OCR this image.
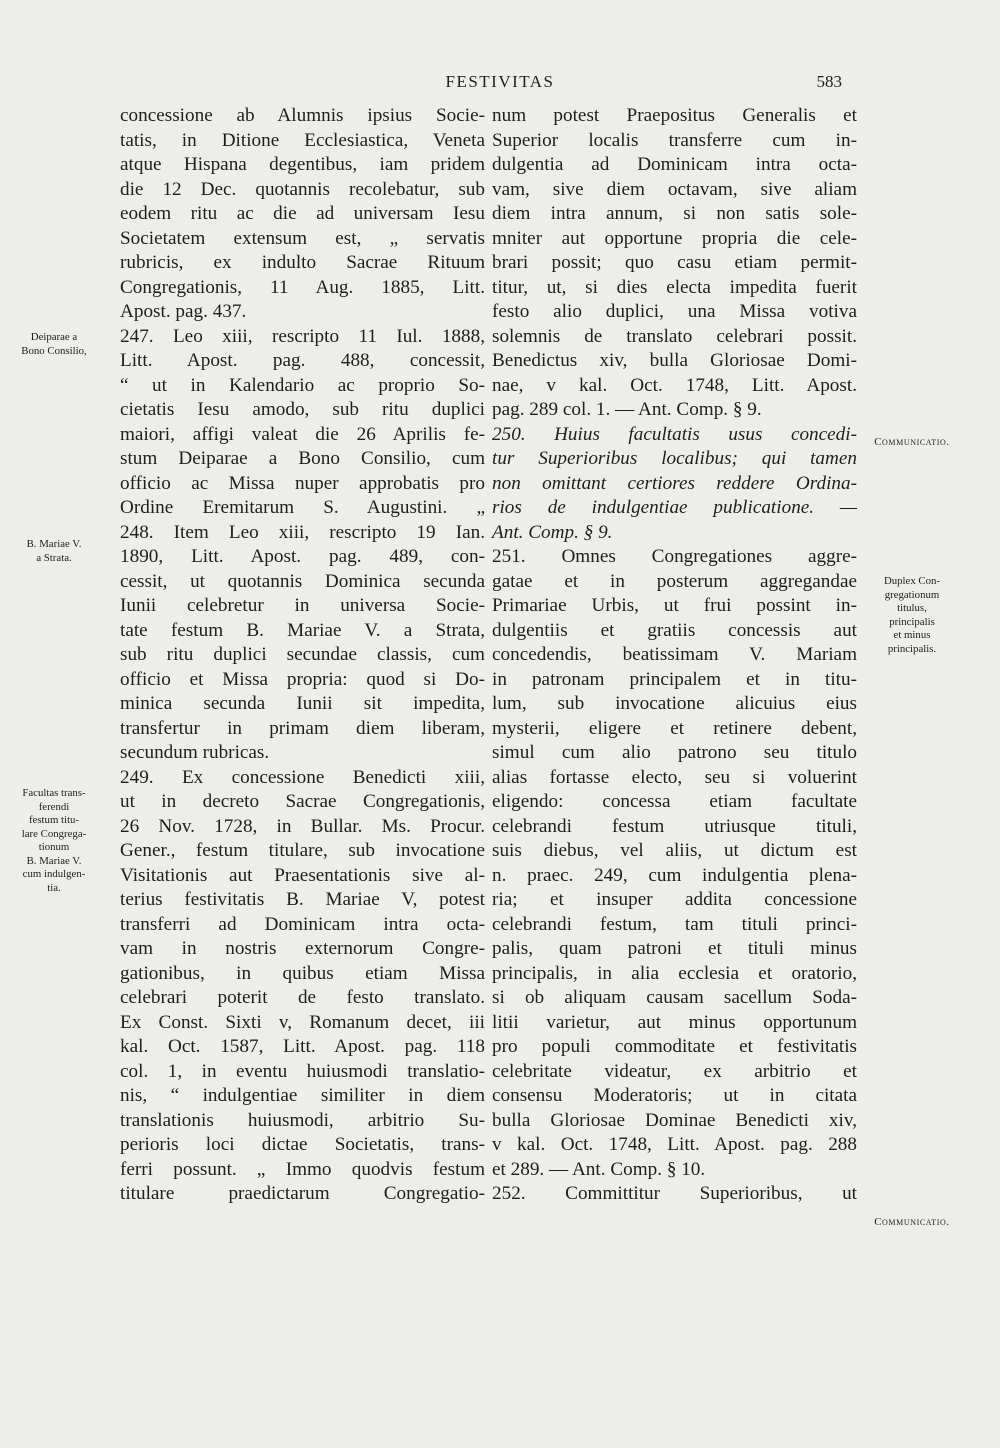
FESTIVITAS	583
Deiparae a
Bono Consilio,
B. Mariae V.
a Strata.
Facultas trans-
ferendi
festum titu-
lare Congrega-
tionum
B. Mariae V.
cum indulgen-
tia.
Communicatio.
Duplex Con-
gregationum
titulus,
principalis
et minus
principalis.
Communicatio.
concessione ab Alumnis ipsius Socie-
tatis, in Ditione Ecclesiastica, Veneta
atque Hispana degentibus, iam pridem
die 12 Dec. quotannis recolebatur, sub
eodem ritu ac die ad universam Iesu
Societatem extensum est, „ servatis
rubricis, ex indulto Sacrae Rituum
Congregationis, 11 Aug. 1885, Litt.
Apost. pag. 437.
247. Leo xiii, rescripto 11 Iul. 1888,
Litt. Apost. pag. 488, concessit,
“ ut in Kalendario ac proprio So-
cietatis Iesu amodo, sub ritu duplici
maiori, affigi valeat die 26 Aprilis fe-
stum Deiparae a Bono Consilio, cum
officio ac Missa nuper approbatis pro
Ordine Eremitarum S. Augustini. „
248. Item Leo xiii, rescripto 19 Ian.
1890, Litt. Apost. pag. 489, con-
cessit, ut quotannis Dominica secunda
Iunii celebretur in universa Socie-
tate festum B. Mariae V. a Strata,
sub ritu duplici secundae classis, cum
officio et Missa propria: quod si Do-
minica secunda Iunii sit impedita,
transfertur in primam diem liberam,
secundum rubricas.
249. Ex concessione Benedicti xiii,
ut in decreto Sacrae Congregationis,
26 Nov. 1728, in Bullar. Ms. Procur.
Gener., festum titulare, sub invocatione
Visitationis aut Praesentationis sive al-
terius festivitatis B. Mariae V, potest
transferri ad Dominicam intra octa-
vam in nostris externorum Congre-
gationibus, in quibus etiam Missa
celebrari poterit de festo translato.
Ex Const. Sixti v, Romanum decet, iii
kal. Oct. 1587, Litt. Apost. pag. 118
col. 1, in eventu huiusmodi translatio-
nis, “ indulgentiae similiter in diem
translationis huiusmodi, arbitrio Su-
perioris loci dictae Societatis, trans-
ferri possunt. „ Immo quodvis festum
titulare praedictarum Congregatio-
num potest Praepositus Generalis et
Superior localis transferre cum in-
dulgentia ad Dominicam intra octa-
vam, sive diem octavam, sive aliam
diem intra annum, si non satis sole-
mniter aut opportune propria die cele-
brari possit; quo casu etiam permit-
titur, ut, si dies electa impedita fuerit
festo alio duplici, una Missa votiva
solemnis de translato celebrari possit.
Benedictus xiv, bulla Gloriosae Domi-
nae, v kal. Oct. 1748, Litt. Apost.
pag. 289 col. 1. — Ant. Comp. § 9.
250. Huius facultatis usus concedi-
tur Superioribus localibus; qui tamen
non omittant certiores reddere Ordina-
rios de indulgentiae publicatione. —
Ant. Comp. § 9.
251. Omnes Congregationes aggre-
gatae et in posterum aggregandae
Primariae Urbis, ut frui possint in-
dulgentiis et gratiis concessis aut
concedendis, beatissimam V. Mariam
in patronam principalem et in titu-
lum, sub invocatione alicuius eius
mysterii, eligere et retinere debent,
simul cum alio patrono seu titulo
alias fortasse electo, seu si voluerint
eligendo: concessa etiam facultate
celebrandi festum utriusque tituli,
suis diebus, vel aliis, ut dictum est
n. praec. 249, cum indulgentia plena-
ria; et insuper addita concessione
celebrandi festum, tam tituli princi-
palis, quam patroni et tituli minus
principalis, in alia ecclesia et oratorio,
si ob aliquam causam sacellum Soda-
litii varietur, aut minus opportunum
pro populi commoditate et festivitatis
celebritate videatur, ex arbitrio et
consensu Moderatoris; ut in citata
bulla Gloriosae Dominae Benedicti xiv,
v kal. Oct. 1748, Litt. Apost. pag. 288
et 289. — Ant. Comp. § 10.
252. Committitur Superioribus, ut
